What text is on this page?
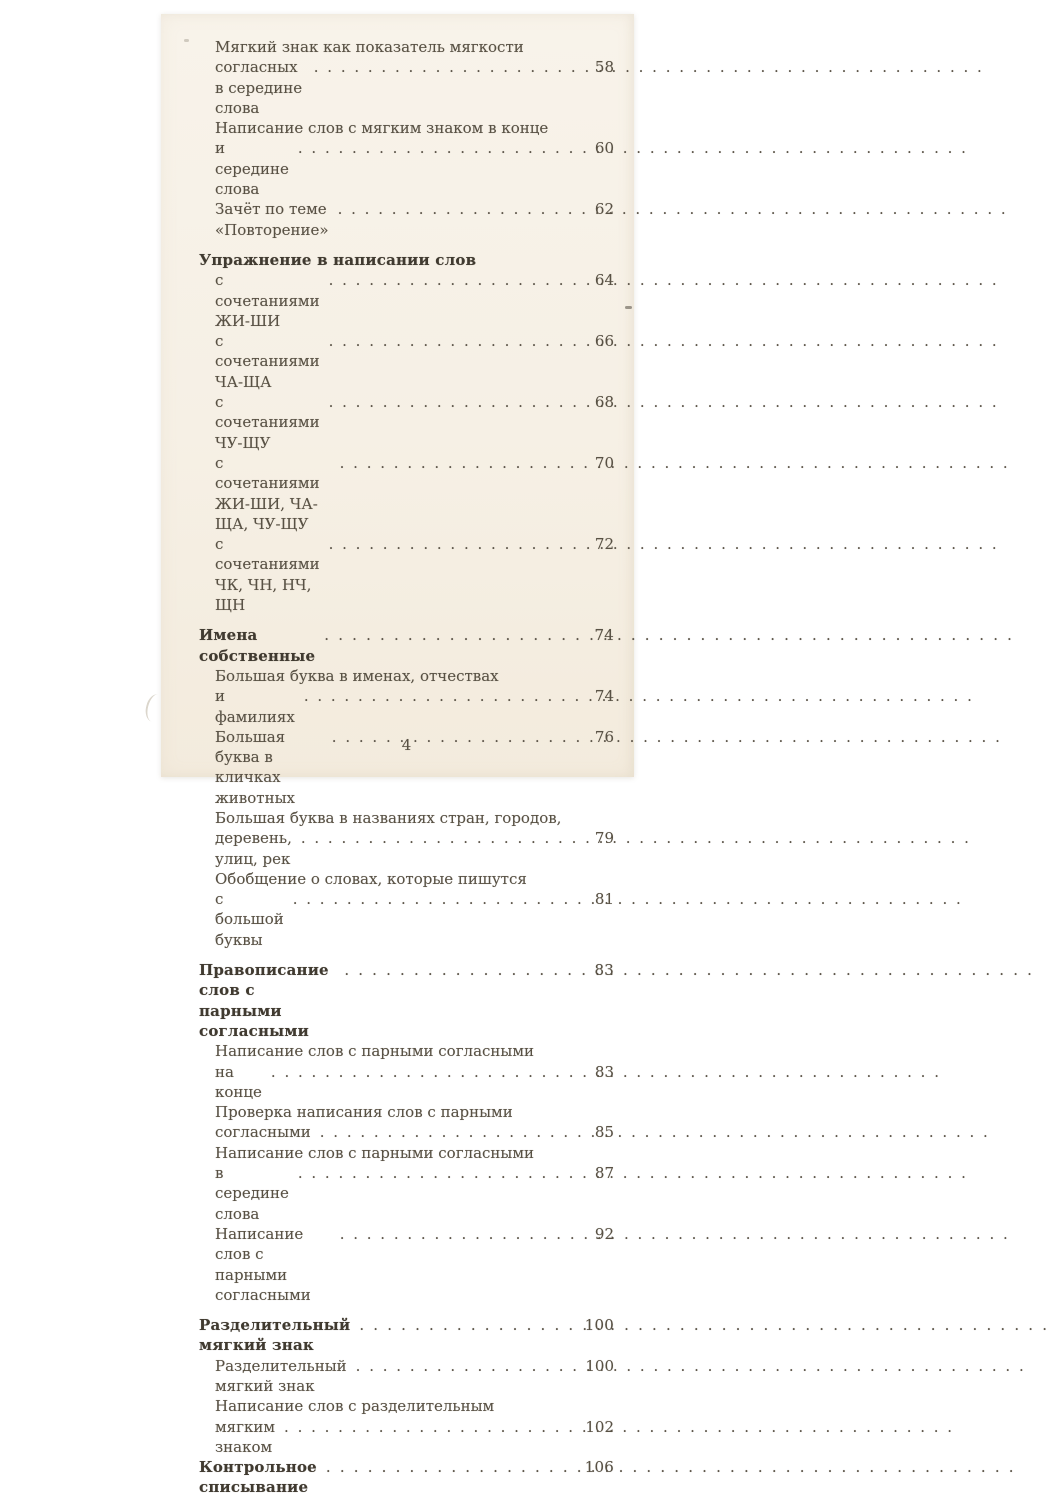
Мягкий знак как показатель мягкости
согласных в середине слова
. . .
58
Написание слов с мягким знаком в конце
и середине слова
. . .
60
Зачёт по теме «Повторение»
. . .
62
Упражнение в написании слов
с сочетаниями ЖИ-ШИ
. . .
64
с сочетаниями ЧА-ЩА
. . .
66
с сочетаниями ЧУ-ЩУ
. . .
68
с сочетаниями ЖИ-ШИ, ЧА-ЩА, ЧУ-ЩУ
. . .
70
с сочетаниями ЧК, ЧН, НЧ, ЩН
. . .
72
Имена собственные
. . .
74
Большая буква в именах, отчествах
и фамилиях
. . .
74
Большая буква в кличках животных
. . .
76
Большая буква в названиях стран, городов,
деревень, улиц, рек
. . .
79
Обобщение о словах, которые пишутся
с большой буквы
. . .
81
Правописание слов с парными согласными
. . .
83
Написание слов с парными согласными
на конце
. . .
83
Проверка написания слов с парными
согласными . . .	85
Написание слов с парными согласными
в середине слова
. . .
87
Написание слов с парными согласными
. . .
92
Разделительный мягкий знак
. . .
100
Разделительный мягкий знак
. . .
100
Написание слов с разделительным
мягким знаком
. . .
102
Контрольное списывание
. . .
106
4
